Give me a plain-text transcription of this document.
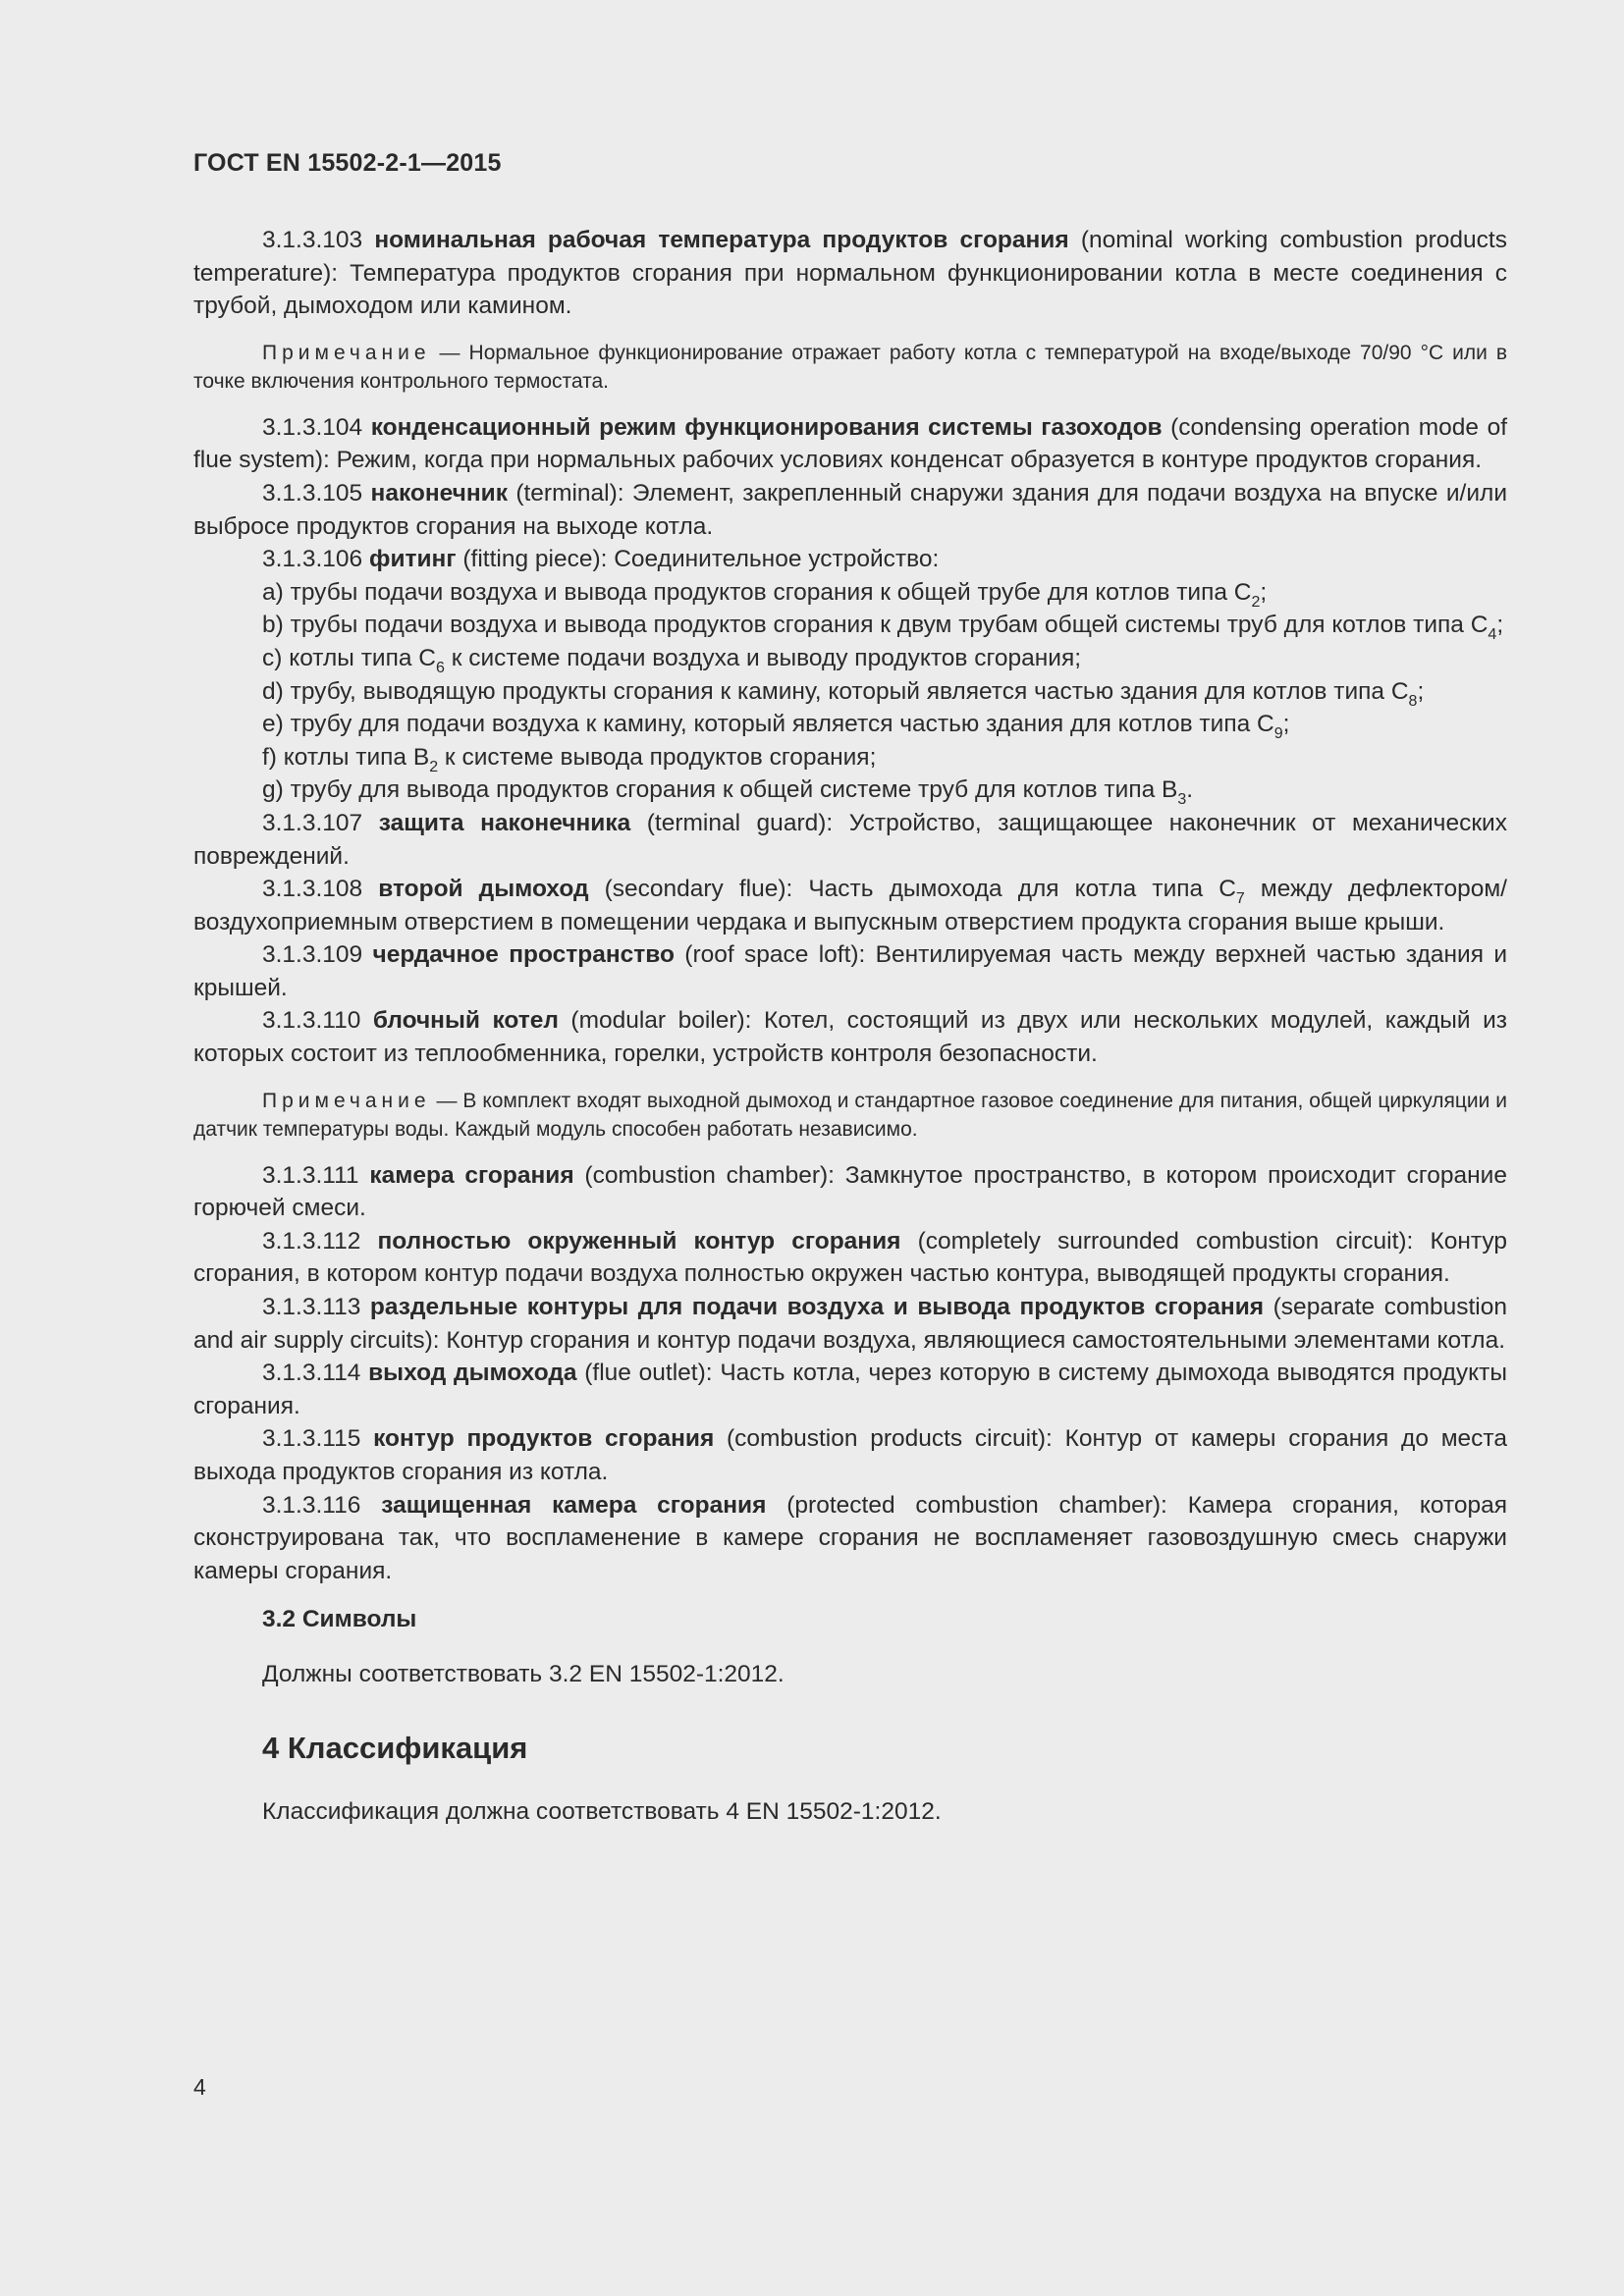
ГОСТ EN 15502-2-1—2015

3.1.3.103 номинальная рабочая температура продуктов сгорания (nominal working combustion products temperature): Температура продуктов сгорания при нормальном функционировании котла в месте соединения с трубой, дымоходом или камином.

Примечание — Нормальное функционирование отражает работу котла с температурой на входе/выходе 70/90 °С или в точке включения контрольного термостата.

3.1.3.104 конденсационный режим функционирования системы газоходов (condensing operation mode of flue system): Режим, когда при нормальных рабочих условиях конденсат образуется в контуре продуктов сгорания.

3.1.3.105 наконечник (terminal): Элемент, закрепленный снаружи здания для подачи воздуха на впуске и/или выбросе продуктов сгорания на выходе котла.

3.1.3.106 фитинг (fitting piece): Соединительное устройство:

a) трубы подачи воздуха и вывода продуктов сгорания к общей трубе для котлов типа $С_2$;

b) трубы подачи воздуха и вывода продуктов сгорания к двум трубам общей системы труб для котлов типа $С_4$;

c) котлы типа $С_6$ к системе подачи воздуха и выводу продуктов сгорания;

d) трубу, выводящую продукты сгорания к камину, который является частью здания для котлов типа $С_8$;

e) трубу для подачи воздуха к камину, который является частью здания для котлов типа $С_9$;

f) котлы типа $В_2$ к системе вывода продуктов сгорания;

g) трубу для вывода продуктов сгорания к общей системе труб для котлов типа $В_3$.

3.1.3.107 защита наконечника (terminal guard): Устройство, защищающее наконечник от механических повреждений.

3.1.3.108 второй дымоход (secondary flue): Часть дымохода для котла типа $С_7$ между дефлектором/воздухоприемным отверстием в помещении чердака и выпускным отверстием продукта сгорания выше крыши.

3.1.3.109 чердачное пространство (roof space loft): Вентилируемая часть между верхней частью здания и крышей.

3.1.3.110 блочный котел (modular boiler): Котел, состоящий из двух или нескольких модулей, каждый из которых состоит из теплообменника, горелки, устройств контроля безопасности.

Примечание — В комплект входят выходной дымоход и стандартное газовое соединение для питания, общей циркуляции и датчик температуры воды. Каждый модуль способен работать независимо.

3.1.3.111 камера сгорания (combustion chamber): Замкнутое пространство, в котором происходит сгорание горючей смеси.

3.1.3.112 полностью окруженный контур сгорания (completely surrounded combustion circuit): Контур сгорания, в котором контур подачи воздуха полностью окружен частью контура, выводящей продукты сгорания.

3.1.3.113 раздельные контуры для подачи воздуха и вывода продуктов сгорания (separate combustion and air supply circuits): Контур сгорания и контур подачи воздуха, являющиеся самостоятельными элементами котла.

3.1.3.114 выход дымохода (flue outlet): Часть котла, через которую в систему дымохода выводятся продукты сгорания.

3.1.3.115 контур продуктов сгорания (combustion products circuit): Контур от камеры сгорания до места выхода продуктов сгорания из котла.

3.1.3.116 защищенная камера сгорания (protected combustion chamber): Камера сгорания, которая сконструирована так, что воспламенение в камере сгорания не воспламеняет газовоздушную смесь снаружи камеры сгорания.

3.2 Символы

Должны соответствовать 3.2 EN 15502-1:2012.

4 Классификация

Классификация должна соответствовать 4 EN 15502-1:2012.

4
